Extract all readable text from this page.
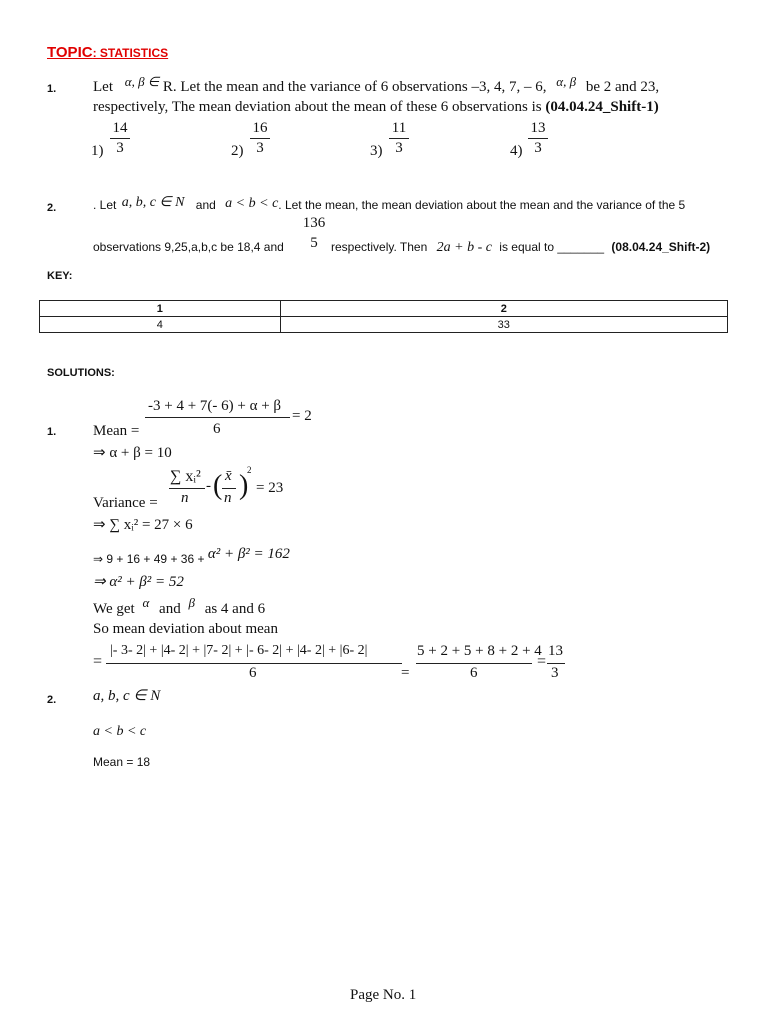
TOPIC: STATISTICS
1. Let α, β ∈ R. Let the mean and the variance of 6 observations –3, 4, 7, – 6, α, β be 2 and 23,
respectively, The mean deviation about the mean of these 6 observations is (04.04.24_Shift-1)
1)
14
3	2)
16
3	3)
11
3	4)
13
3
2.	. Let a, b, c ∈ N and a < b < c. Let the mean, the mean deviation about the mean and the variance of the 5
136
5
observations 9,25,a,b,c be 18,4 and	respectively. Then 2a + b - c is equal to _______ (08.04.24_Shift-2)
KEY:
1	2
4	33
SOLUTIONS:
-3 + 4 + 7(- 6) + α + β
= 2
6
1. Mean =
⇒ α + β = 10
∑ xᵢ²
n
- ( x̄
n )
2
= 23
Variance =
⇒ ∑ xᵢ² = 27 × 6
⇒ 9 + 16 + 49 + 36 + α² + β² = 162
⇒ α² + β² = 52
We get α and β as 4 and 6
So mean deviation about mean
=
|- 3- 2| + |4- 2| + |7- 2| + |- 6- 2| + |4- 2| + |6- 2|
6	=
5 + 2 + 5 + 8 + 2 + 4
6
=
13
3
2. a, b, c ∈ N
a < b < c
Mean = 18
Page No. 1
